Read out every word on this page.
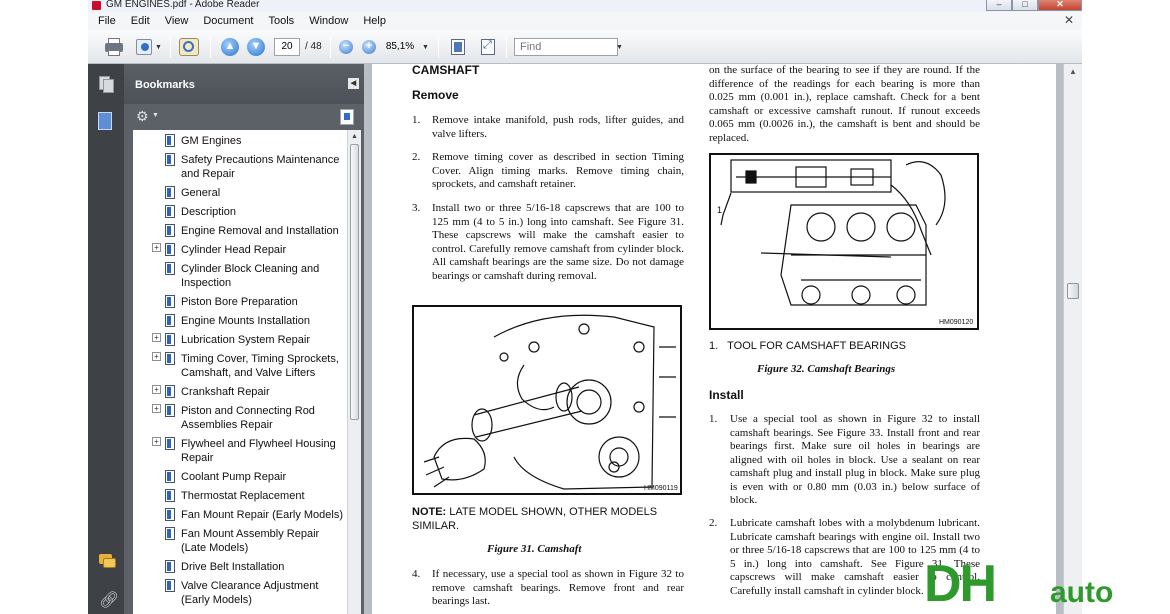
GM ENGINES.pdf - Adobe Reader	–	□	✕
File	Edit	View	Document	Tools	Window	Help	✕
▼	▲	▼	20	/ 48	−	+	85,1%	▼
⤢	Find	▼
🔗︎
Bookmarks	◀
⚙ ▼
GM Engines
Safety Precautions Maintenance and Repair
General
Description
Engine Removal and Installation
+ Cylinder Head Repair
Cylinder Block Cleaning and Inspection
Piston Bore Preparation
Engine Mounts Installation
+ Lubrication System Repair
+ Timing Cover, Timing Sprockets, Camshaft, and Valve Lifters
+ Crankshaft Repair
+ Piston and Connecting Rod Assemblies Repair
+ Flywheel and Flywheel Housing Repair
Coolant Pump Repair
Thermostat Replacement
Fan Mount Repair (Early Models)
Fan Mount Assembly Repair (Late Models)
Drive Belt Installation
Valve Clearance Adjustment (Early Models)
▲
CAMSHAFT
Remove
1. Remove intake manifold, push rods, lifter guides, and valve lifters.
2. Remove timing cover as described in section Timing Cover. Align timing marks. Remove timing chain, sprockets, and camshaft retainer.
3. Install two or three 5/16-18 capscrews that are 100 to 125 mm (4 to 5 in.) long into camshaft. See Figure 31. These capscrews will make the camshaft easier to control. Carefully remove camshaft from cylinder block. All camshaft bearings are the same size. Do not damage bearings or camshaft during removal.
HM090119
NOTE: LATE MODEL SHOWN, OTHER MODELS SIMILAR.
Figure 31. Camshaft
4. If necessary, use a special tool as shown in Figure 32 to remove camshaft bearings. Remove front and rear bearings last.
on the surface of the bearing to see if they are round. If the difference of the readings for each bearing is more than 0.025 mm (0.001 in.), replace camshaft. Check for a bent camshaft or excessive camshaft runout. If runout exceeds 0.065 mm (0.0026 in.), the camshaft is bent and should be replaced.
1
HM090120
1.   TOOL FOR CAMSHAFT BEARINGS
Figure 32. Camshaft Bearings
Install
1. Use a special tool as shown in Figure 32 to install camshaft bearings. See Figure 33. Install front and rear bearings first. Make sure oil holes in bearings are aligned with oil holes in block. Use a sealant on rear camshaft plug and install plug in block. Make sure plug is even with or 0.80 mm (0.03 in.) below surface of block.
2. Lubricate camshaft lobes with a molybdenum lubricant. Lubricate camshaft bearings with engine oil. Install two or three 5/16-18 capscrews that are 100 to 125 mm (4 to 5 in.) long into camshaft. See Figure 31. These capscrews will make camshaft easier to control. Carefully install camshaft in cylinder block.
▲
DH auto
